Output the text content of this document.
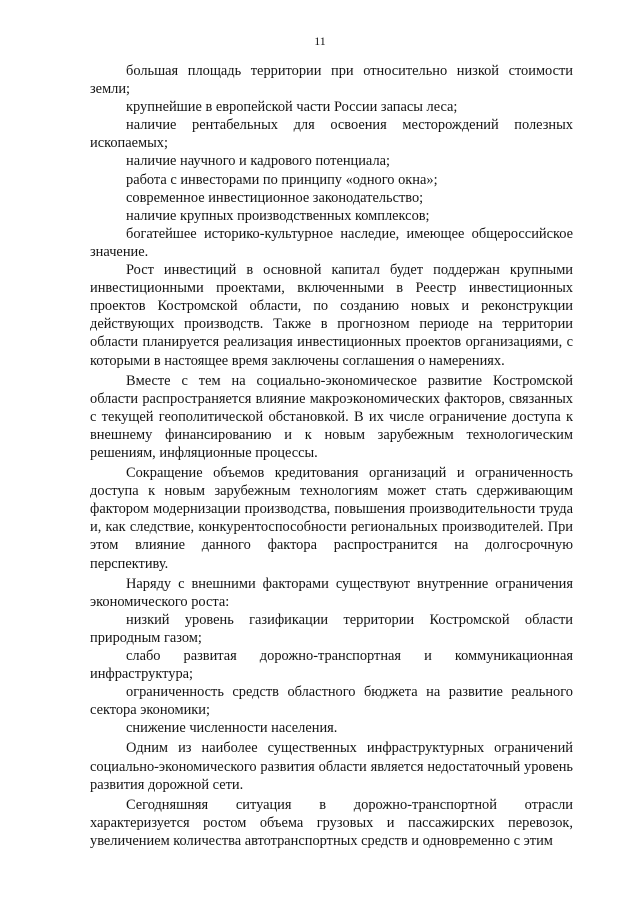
11

большая площадь территории при относительно низкой стоимости земли;

крупнейшие в европейской части России запасы леса;

наличие рентабельных для освоения месторождений полезных ископаемых;

наличие научного и кадрового потенциала;

работа с инвесторами по принципу «одного окна»;

современное инвестиционное законодательство;

наличие крупных производственных комплексов;

богатейшее историко-культурное наследие, имеющее общероссийское значение.

Рост инвестиций в основной капитал будет поддержан крупными инвестиционными проектами, включенными в Реестр инвестиционных проектов Костромской области, по созданию новых и реконструкции действующих производств. Также в прогнозном периоде на территории области планируется реализация инвестиционных проектов организациями, с которыми в настоящее время заключены соглашения о намерениях.

Вместе с тем на социально-экономическое развитие Костромской области распространяется влияние макроэкономических факторов, связанных с текущей геополитической обстановкой. В их числе ограничение доступа к внешнему финансированию и к новым зарубежным технологическим решениям, инфляционные процессы.

Сокращение объемов кредитования организаций и ограниченность доступа к новым зарубежным технологиям может стать сдерживающим фактором модернизации производства, повышения производительности труда и, как следствие, конкурентоспособности региональных производителей. При этом влияние данного фактора распространится на долгосрочную перспективу.

Наряду с внешними факторами существуют внутренние ограничения экономического роста:

низкий уровень газификации территории Костромской области природным газом;

слабо развитая дорожно-транспортная и коммуникационная инфраструктура;

ограниченность средств областного бюджета на развитие реального сектора экономики;

снижение численности населения.

Одним из наиболее существенных инфраструктурных ограничений социально-экономического развития области является недостаточный уровень развития дорожной сети.

Сегодняшняя ситуация в дорожно-транспортной отрасли характеризуется ростом объема грузовых и пассажирских перевозок, увеличением количества автотранспортных средств и одновременно с этим
